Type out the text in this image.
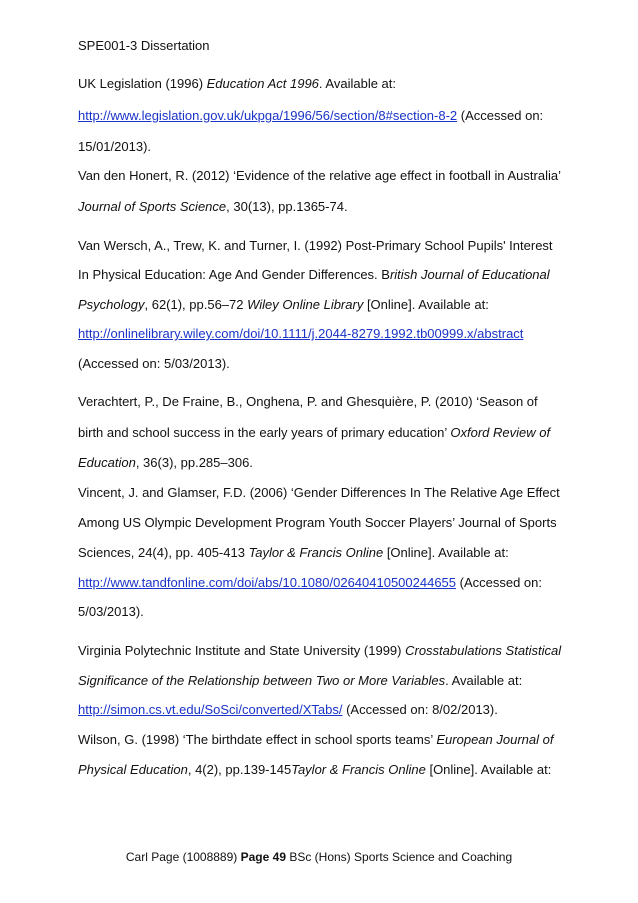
SPE001-3 Dissertation
UK Legislation (1996) Education Act 1996. Available at:
http://www.legislation.gov.uk/ukpga/1996/56/section/8#section-8-2 (Accessed on:
15/01/2013).
Van den Honert, R. (2012) ‘Evidence of the relative age effect in football in Australia’
Journal of Sports Science, 30(13), pp.1365-74.
Van Wersch, A., Trew, K. and Turner, I. (1992) Post-Primary School Pupils' Interest
In Physical Education: Age And Gender Differences. British Journal of Educational
Psychology, 62(1), pp.56–72 Wiley Online Library [Online]. Available at:
http://onlinelibrary.wiley.com/doi/10.1111/j.2044-8279.1992.tb00999.x/abstract
(Accessed on: 5/03/2013).
Verachtert, P., De Fraine, B., Onghena, P. and Ghesquière, P. (2010) ‘Season of
birth and school success in the early years of primary education’ Oxford Review of
Education, 36(3), pp.285–306.
Vincent, J. and Glamser, F.D. (2006) ‘Gender Differences In The Relative Age Effect
Among US Olympic Development Program Youth Soccer Players’ Journal of Sports
Sciences, 24(4), pp. 405-413 Taylor & Francis Online [Online]. Available at:
http://www.tandfonline.com/doi/abs/10.1080/02640410500244655 (Accessed on:
5/03/2013).
Virginia Polytechnic Institute and State University (1999) Crosstabulations Statistical
Significance of the Relationship between Two or More Variables. Available at:
http://simon.cs.vt.edu/SoSci/converted/XTabs/ (Accessed on: 8/02/2013).
Wilson, G. (1998) ‘The birthdate effect in school sports teams’ European Journal of
Physical Education, 4(2), pp.139-145Taylor & Francis Online [Online]. Available at:
Carl Page (1008889) Page 49 BSc (Hons) Sports Science and Coaching
